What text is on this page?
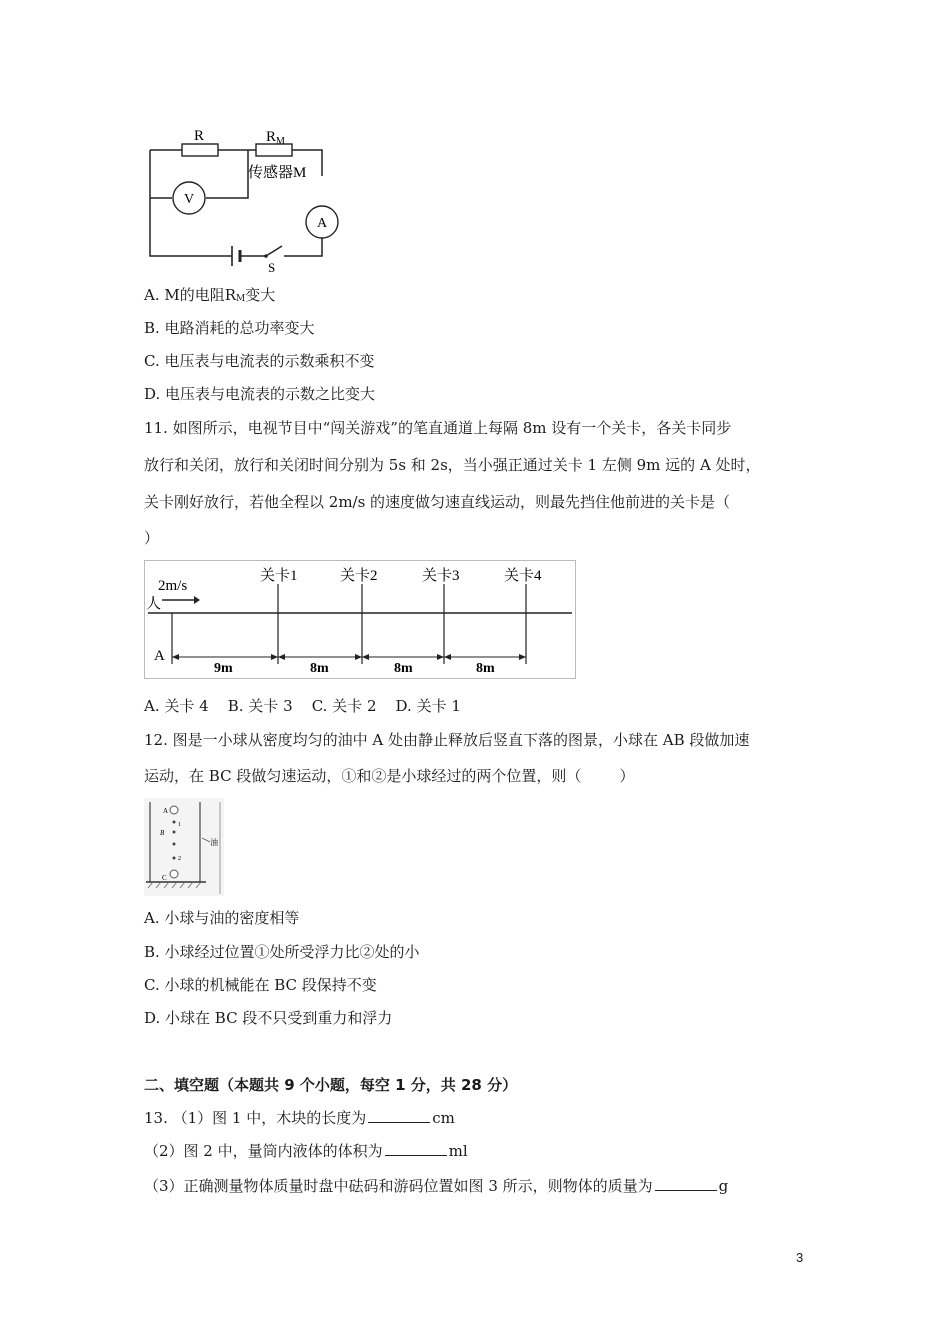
R	$R_M$
传感器M
V
A
S
A. M的电阻RM变大
B. 电路消耗的总功率变大
C. 电压表与电流表的示数乘积不变
D. 电压表与电流表的示数之比变大
11. 如图所示，电视节目中“闯关游戏”的笔直通道上每隔 8m 设有一个关卡，各关卡同步
放行和关闭，放行和关闭时间分别为 5s 和 2s，当小强正通过关卡 1 左侧 9m 远的 A 处时，
关卡刚好放行，若他全程以 2m/s 的速度做匀速直线运动，则最先挡住他前进的关卡是（
）
2m/s
人
A
关卡1	关卡2	关卡3	关卡4
9m	8m	8m	8m
A. 关卡 4    B. 关卡 3    C. 关卡 2    D. 关卡 1
12. 图是一小球从密度均匀的油中 A 处由静止释放后竖直下落的图景，小球在 AB 段做加速
运动，在 BC 段做匀速运动，①和②是小球经过的两个位置，则（        ）
A
B
1
2
C
油
A. 小球与油的密度相等
B. 小球经过位置①处所受浮力比②处的小
C. 小球的机械能在 BC 段保持不变
D. 小球在 BC 段不只受到重力和浮力
二、填空题（本题共 9 个小题，每空 1 分，共 28 分）
13. （1）图 1 中，木块的长度为	cm
（2）图 2 中，量筒内液体的体积为	ml
（3）正确测量物体质量时盘中砝码和游码位置如图 3 所示，则物体的质量为	g
3
